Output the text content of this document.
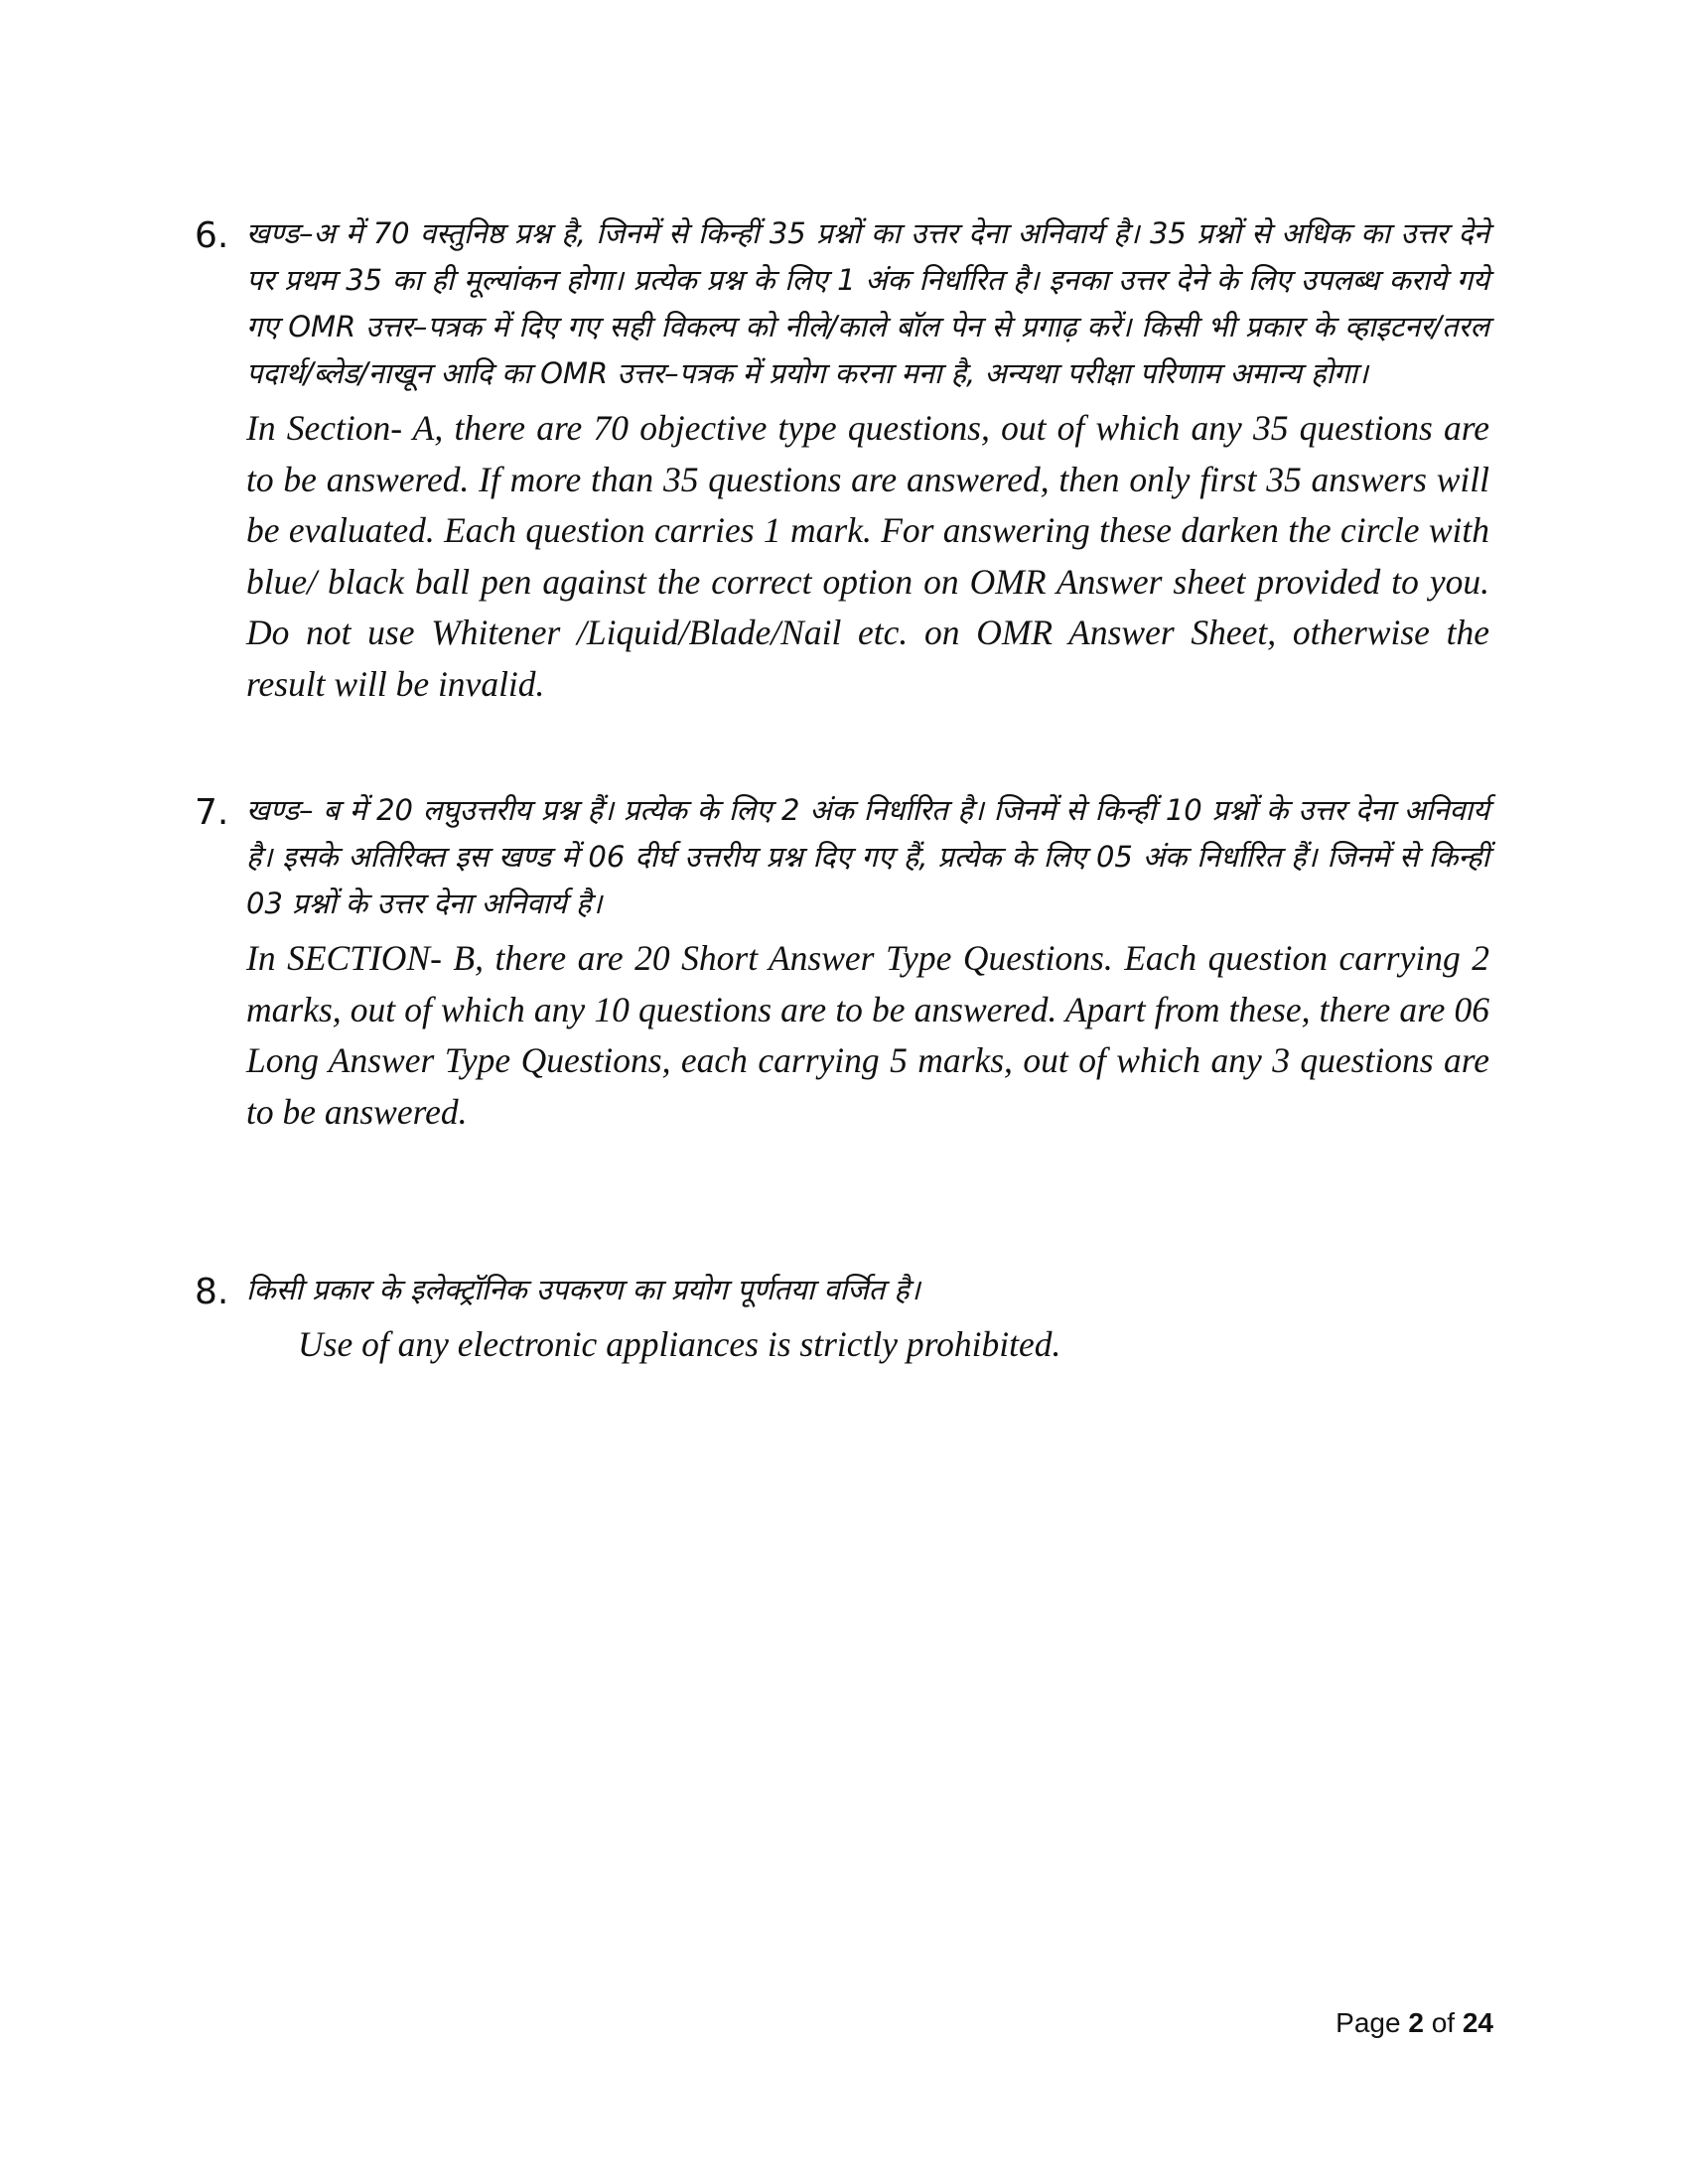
6. खण्ड–अ में 70 वस्तुनिष्ठ प्रश्न है, जिनमें से किन्हीं 35 प्रश्नों का उत्तर देना अनिवार्य है। 35 प्रश्नों से अधिक का उत्तर देने पर प्रथम 35 का ही मूल्यांकन होगा। प्रत्येक प्रश्न के लिए 1 अंक निर्धारित है। इनका उत्तर देने के लिए उपलब्ध कराये गये गए OMR उत्तर–पत्रक में दिए गए सही विकल्प को नीले/काले बॉल पेन से प्रगाढ़ करें। किसी भी प्रकार के व्हाइटनर/तरल पदार्थ/ब्लेड/नाखून आदि का OMR उत्तर–पत्रक में प्रयोग करना मना है, अन्यथा परीक्षा परिणाम अमान्य होगा।

In Section- A, there are 70 objective type questions, out of which any 35 questions are to be answered. If more than 35 questions are answered, then only first 35 answers will be evaluated. Each question carries 1 mark. For answering these darken the circle with blue/ black ball pen against the correct option on OMR Answer sheet provided to you. Do not use Whitener /Liquid/Blade/Nail etc. on OMR Answer Sheet, otherwise the result will be invalid.

7. खण्ड– ब में 20 लघुउत्तरीय प्रश्न हैं। प्रत्येक के लिए 2 अंक निर्धारित है। जिनमें से किन्हीं 10 प्रश्नों के उत्तर देना अनिवार्य है। इसके अतिरिक्त इस खण्ड में 06 दीर्घ उत्तरीय प्रश्न दिए गए हैं, प्रत्येक के लिए 05 अंक निर्धारित हैं। जिनमें से किन्हीं 03 प्रश्नों के उत्तर देना अनिवार्य है।

In SECTION- B, there are 20 Short Answer Type Questions. Each question carrying 2 marks, out of which any 10 questions are to be answered. Apart from these, there are 06 Long Answer Type Questions, each carrying 5 marks, out of which any 3 questions are to be answered.

8. किसी प्रकार के इलेक्ट्रॉनिक उपकरण का प्रयोग पूर्णतया वर्जित है।

Use of any electronic appliances is strictly prohibited.

Page 2 of 24
